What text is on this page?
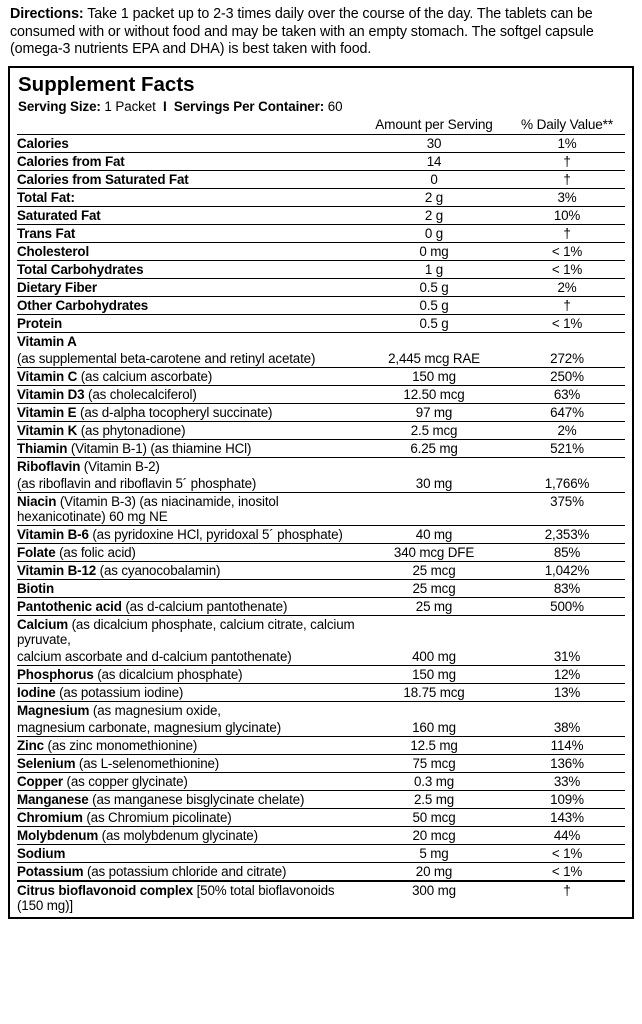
Directions: Take 1 packet up to 2-3 times daily over the course of the day. The tablets can be consumed with or without food and may be taken with an empty stomach. The softgel capsule (omega-3 nutrients EPA and DHA) is best taken with food.

Supplement Facts
Serving Size: 1 Packet I Servings Per Container: 60
	Amount per Serving	% Daily Value**
Calories	30	1%
Calories from Fat	14	†
Calories from Saturated Fat	0	†
Total Fat:	2 g	3%
Saturated Fat	2 g	10%
Trans Fat	0 g	†
Cholesterol	0 mg	< 1%
Total Carbohydrates	1 g	< 1%
Dietary Fiber	0.5 g	2%
Other Carbohydrates	0.5 g	†
Protein	0.5 g	< 1%
Vitamin A		
(as supplemental beta-carotene and retinyl acetate)	2,445 mcg RAE	272%
Vitamin C (as calcium ascorbate)	150 mg	250%
Vitamin D3 (as cholecalciferol)	12.50 mcg	63%
Vitamin E (as d-alpha tocopheryl succinate)	97 mg	647%
Vitamin K (as phytonadione)	2.5 mcg	2%
Thiamin (Vitamin B-1) (as thiamine HCl)	6.25 mg	521%
Riboflavin (Vitamin B-2)		
(as riboflavin and riboflavin 5´ phosphate)	30 mg	1,766%
Niacin (Vitamin B-3) (as niacinamide, inositol hexanicotinate) 60 mg NE		375%
Vitamin B-6 (as pyridoxine HCl, pyridoxal 5´ phosphate)	40 mg	2,353%
Folate (as folic acid)	340 mcg DFE	85%
Vitamin B-12 (as cyanocobalamin)	25 mcg	1,042%
Biotin	25 mcg	83%
Pantothenic acid (as d-calcium pantothenate)	25 mg	500%
Calcium (as dicalcium phosphate, calcium citrate, calcium pyruvate,		
calcium ascorbate and d-calcium pantothenate)	400 mg	31%
Phosphorus (as dicalcium phosphate)	150 mg	12%
Iodine (as potassium iodine)	18.75 mcg	13%
Magnesium (as magnesium oxide,		
magnesium carbonate, magnesium glycinate)	160 mg	38%
Zinc (as zinc monomethionine)	12.5 mg	114%
Selenium (as L-selenomethionine)	75 mcg	136%
Copper (as copper glycinate)	0.3 mg	33%
Manganese (as manganese bisglycinate chelate)	2.5 mg	109%
Chromium (as Chromium picolinate)	50 mcg	143%
Molybdenum (as molybdenum glycinate)	20 mcg	44%
Sodium	5 mg	< 1%
Potassium (as potassium chloride and citrate)	20 mg	< 1%
Citrus bioflavonoid complex [50% total bioflavonoids (150 mg)]	300 mg	†
